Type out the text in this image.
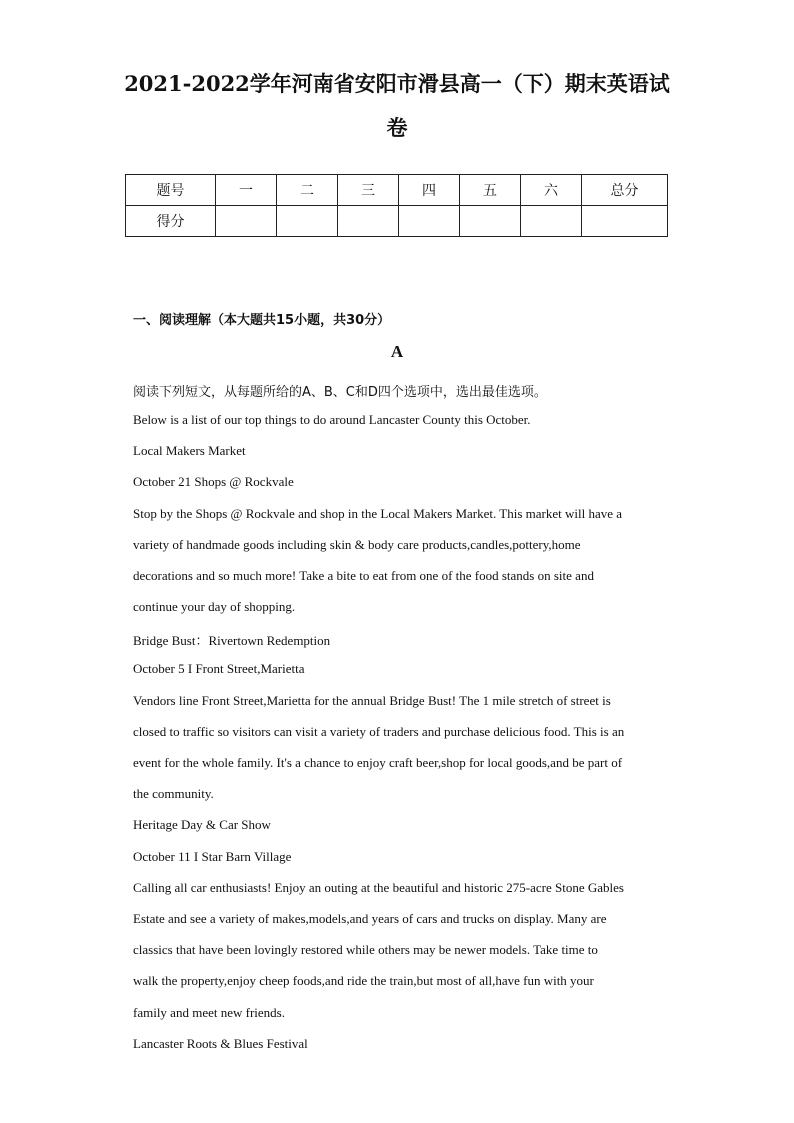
2021-2022学年河南省安阳市滑县高一（下）期末英语试
卷
题号	一	二	三	四	五	六	总分
得分							
一、阅读理解（本大题共15小题，共30分）
A
阅读下列短文，从每题所给的A、B、C和D四个选项中，选出最佳选项。
Below is a list of our top things to do around Lancaster County this October.
Local Makers Market
October 21 Shops @ Rockvale
Stop by the Shops @ Rockvale and shop in the Local Makers Market. This market will have a
variety of handmade goods including skin & body care products,candles,pottery,home
decorations and so much more! Take a bite to eat from one of the food stands on site and
continue your day of shopping.
Bridge Bust：Rivertown Redemption
October 5 I Front Street,Marietta
Vendors line Front Street,Marietta for the annual Bridge Bust! The 1 mile stretch of street is
closed to traffic so visitors can visit a variety of traders and purchase delicious food. This is an
event for the whole family. It's a chance to enjoy craft beer,shop for local goods,and be part of
the community.
Heritage Day & Car Show
October 11 I Star Barn Village
Calling all car enthusiasts! Enjoy an outing at the beautiful and historic 275-acre Stone Gables
Estate and see a variety of makes,models,and years of cars and trucks on display. Many are
classics that have been lovingly restored while others may be newer models. Take time to
walk the property,enjoy cheep foods,and ride the train,but most of all,have fun with your
family and meet new friends.
Lancaster Roots & Blues Festival
